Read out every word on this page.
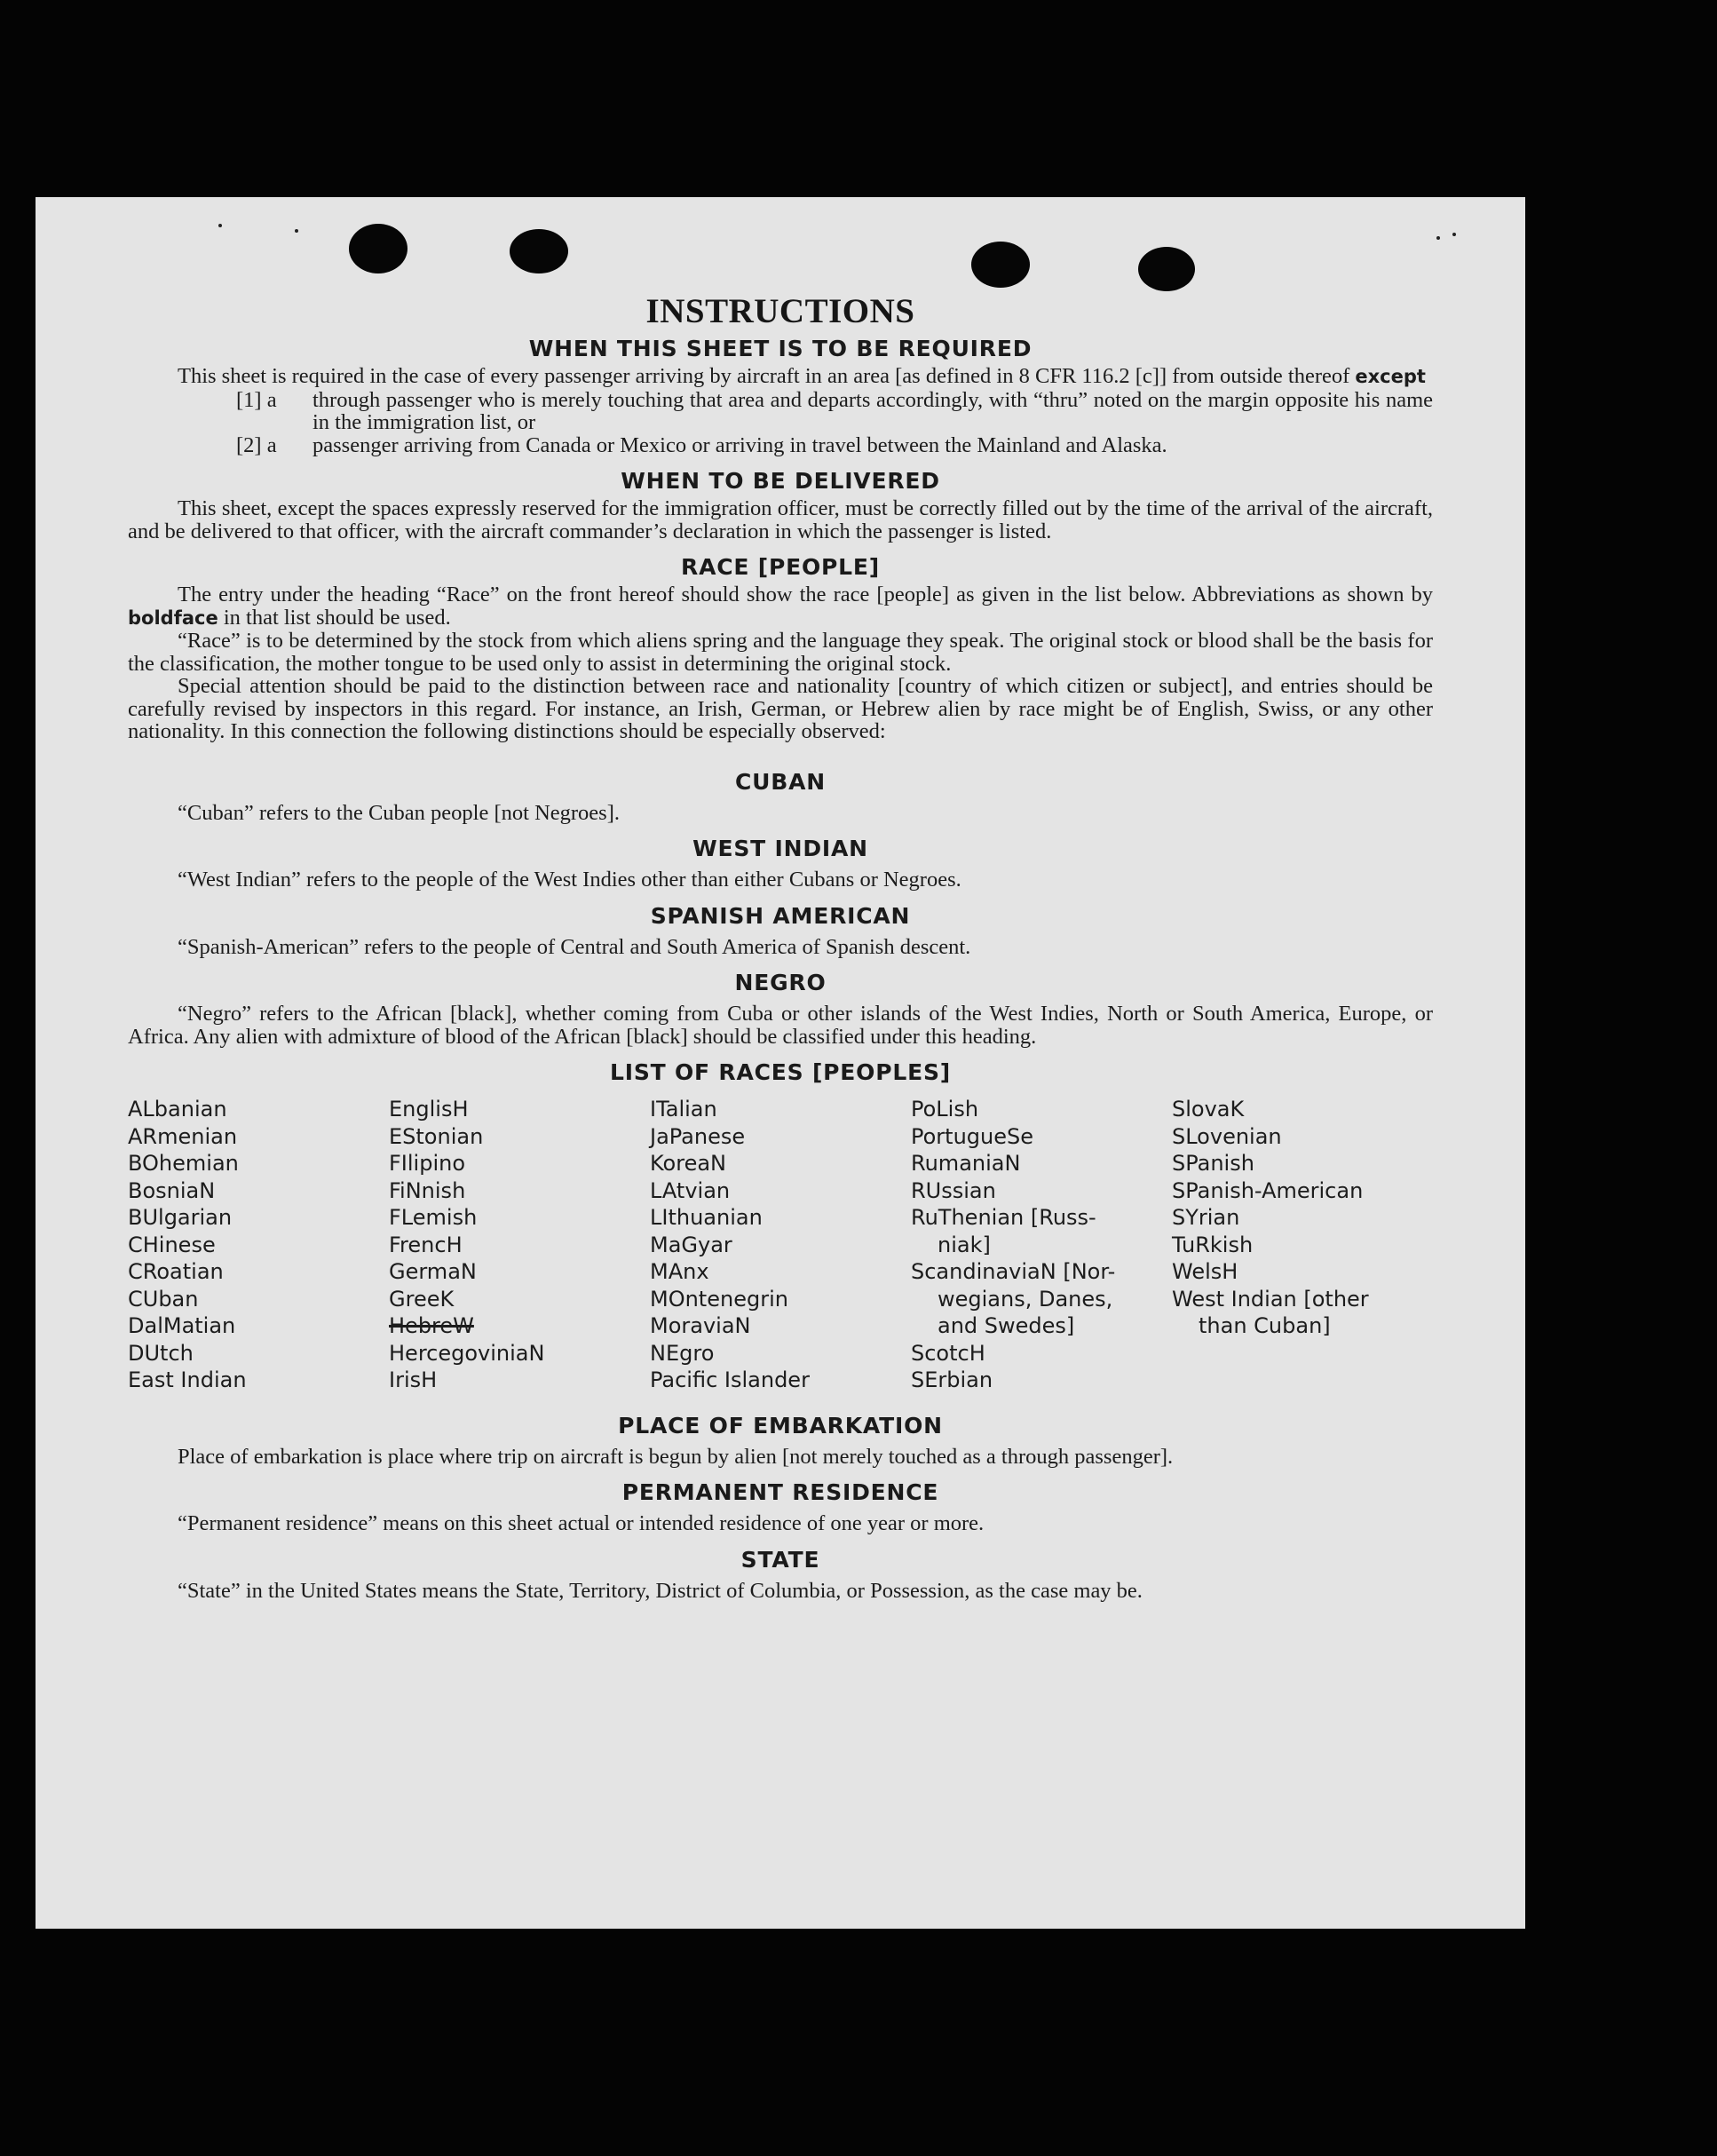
INSTRUCTIONS
WHEN THIS SHEET IS TO BE REQUIRED

This sheet is required in the case of every passenger arriving by aircraft in an area [as defined in 8 CFR 116.2 [c]] from outside thereof except

[1] a	through passenger who is merely touching that area and departs accordingly, with “thru” noted on the margin opposite his name in the immigration list, or
[2] a	passenger arriving from Canada or Mexico or arriving in travel between the Mainland and Alaska.
WHEN TO BE DELIVERED

This sheet, except the spaces expressly reserved for the immigration officer, must be correctly filled out by the time of the arrival of the aircraft, and be delivered to that officer, with the aircraft commander’s declaration in which the passenger is listed.

RACE [PEOPLE]

The entry under the heading “Race” on the front hereof should show the race [people] as given in the list below. Abbreviations as shown by boldface in that list should be used.

“Race” is to be determined by the stock from which aliens spring and the language they speak. The original stock or blood shall be the basis for the classification, the mother tongue to be used only to assist in determining the original stock.

Special attention should be paid to the distinction between race and nationality [country of which citizen or subject], and entries should be carefully revised by inspectors in this regard. For instance, an Irish, German, or Hebrew alien by race might be of English, Swiss, or any other nationality. In this connection the following distinctions should be especially observed:

CUBAN

“Cuban” refers to the Cuban people [not Negroes].

WEST INDIAN

“West Indian” refers to the people of the West Indies other than either Cubans or Negroes.

SPANISH AMERICAN

“Spanish-American” refers to the people of Central and South America of Spanish descent.

NEGRO

“Negro” refers to the African [black], whether coming from Cuba or other islands of the West Indies, North or South America, Europe, or Africa. Any alien with admixture of blood of the African [black] should be classified under this heading.

LIST OF RACES [PEOPLES]
ALbanian
ARmenian
BOhemian
BosniaN
BUlgarian
CHinese
CRoatian
CUban
DalMatian
DUtch
East Indian
EnglisH
EStonian
FIlipino
FiNnish
FLemish
FrencH
GermaN
GreeK
HebreW
HercegoviniaN
IrisH
ITalian
JaPanese
KoreaN
LAtvian
LIthuanian
MaGyar
MAnx
MOntenegrin
MoraviaN
NEgro
Pacific Islander
PoLish
PortugueSe
RumaniaN
RUssian
RuThenian [Russ-
niak]
ScandinaviaN [Nor-
wegians, Danes,
and Swedes]
ScotcH
SErbian
SlovaK
SLovenian
SPanish
SPanish-American
SYrian
TuRkish
WelsH
West Indian [other
than Cuban]
PLACE OF EMBARKATION

Place of embarkation is place where trip on aircraft is begun by alien [not merely touched as a through passenger].

PERMANENT RESIDENCE

“Permanent residence” means on this sheet actual or intended residence of one year or more.

STATE

“State” in the United States means the State, Territory, District of Columbia, or Possession, as the case may be.
